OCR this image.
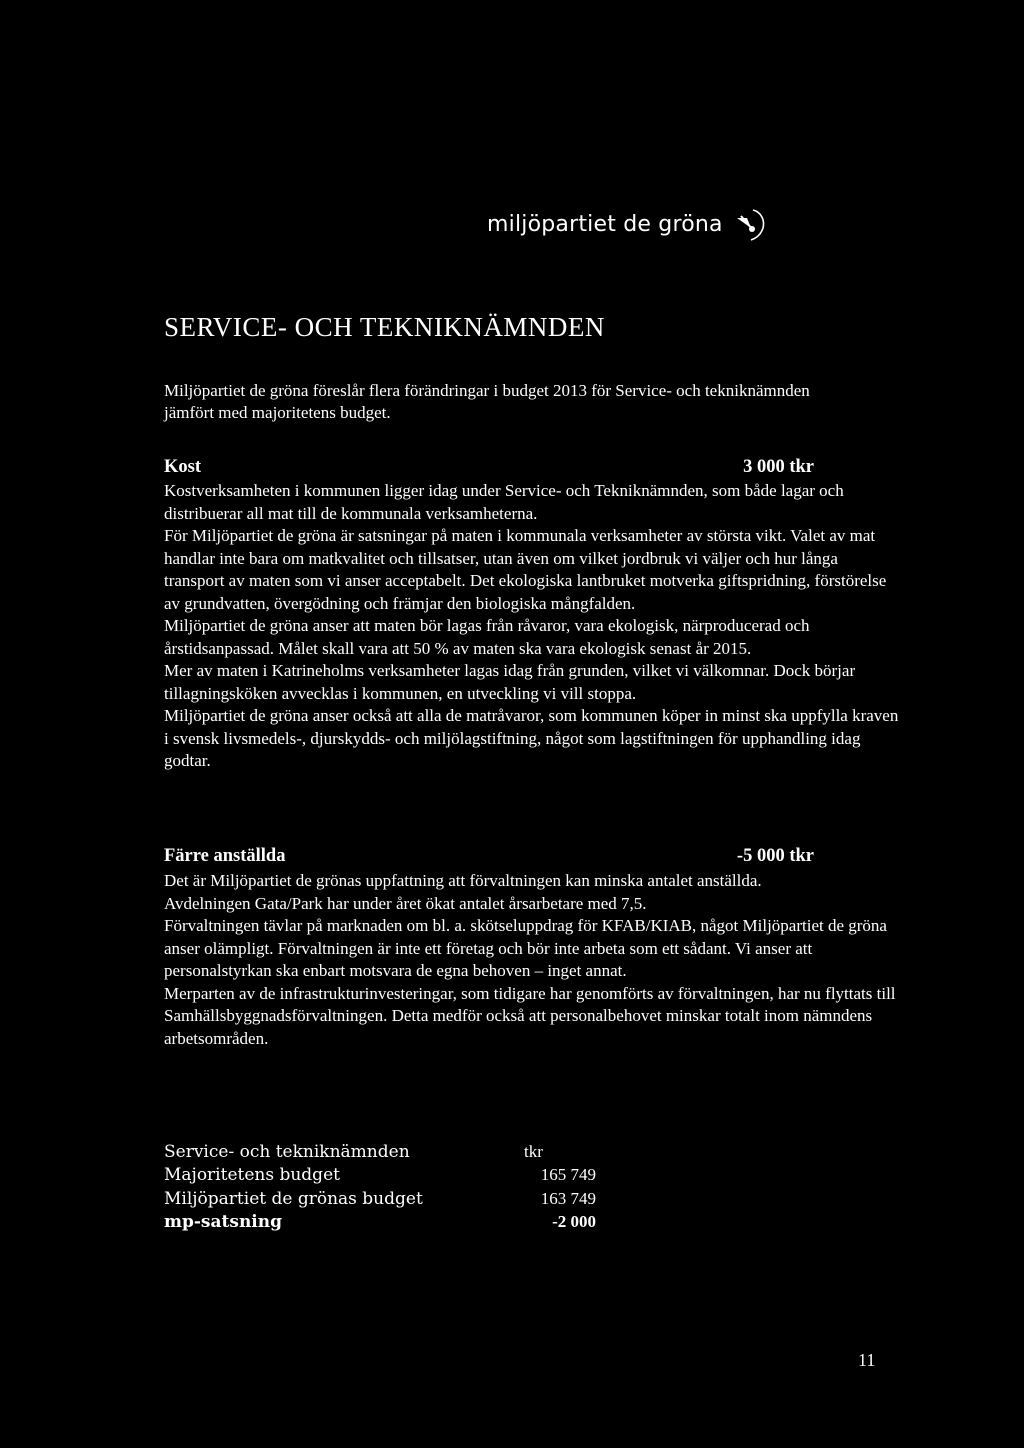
miljöpartiet de gröna
SERVICE- OCH TEKNIKNÄMNDEN

Miljöpartiet de gröna föreslår flera förändringar i budget 2013 för Service- och tekniknämnden jämfört med majoritetens budget.

Kost	3 000 tkr

Kostverksamheten i kommunen ligger idag under Service- och Tekniknämnden, som både lagar och distribuerar all mat till de kommunala verksamheterna.

För Miljöpartiet de gröna är satsningar på maten i kommunala verksamheter av största vikt. Valet av mat handlar inte bara om matkvalitet och tillsatser, utan även om vilket jordbruk vi väljer och hur långa transport av maten som vi anser acceptabelt. Det ekologiska lantbruket motverka giftspridning, förstörelse av grundvatten, övergödning och främjar den biologiska mångfalden.

Miljöpartiet de gröna anser att maten bör lagas från råvaror, vara ekologisk, närproducerad och årstidsanpassad. Målet skall vara att 50 % av maten ska vara ekologisk senast år 2015.

Mer av maten i Katrineholms verksamheter lagas idag från grunden, vilket vi välkomnar. Dock börjar tillagningsköken avvecklas i kommunen, en utveckling vi vill stoppa.

Miljöpartiet de gröna anser också att alla de matråvaror, som kommunen köper in minst ska uppfylla kraven i svensk livsmedels-, djurskydds- och miljölagstiftning, något som lagstiftningen för upphandling idag godtar.

Färre anställda	-5 000 tkr

Det är Miljöpartiet de grönas uppfattning att förvaltningen kan minska antalet anställda.

Avdelningen Gata/Park har under året ökat antalet årsarbetare med 7,5.

Förvaltningen tävlar på marknaden om bl. a. skötseluppdrag för KFAB/KIAB, något Miljöpartiet de gröna anser olämpligt. Förvaltningen är inte ett företag och bör inte arbeta som ett sådant. Vi anser att personalstyrkan ska enbart motsvara de egna behoven – inget annat.

Merparten av de infrastrukturinvesteringar, som tidigare har genomförts av förvaltningen, har nu flyttats till Samhällsbyggnadsförvaltningen. Detta medför också att personalbehovet minskar totalt inom nämndens arbetsområden.

Service- och tekniknämnden	tkr
Majoritetens budget	165 749
Miljöpartiet de grönas budget	163 749
mp-satsning	-2 000
11
